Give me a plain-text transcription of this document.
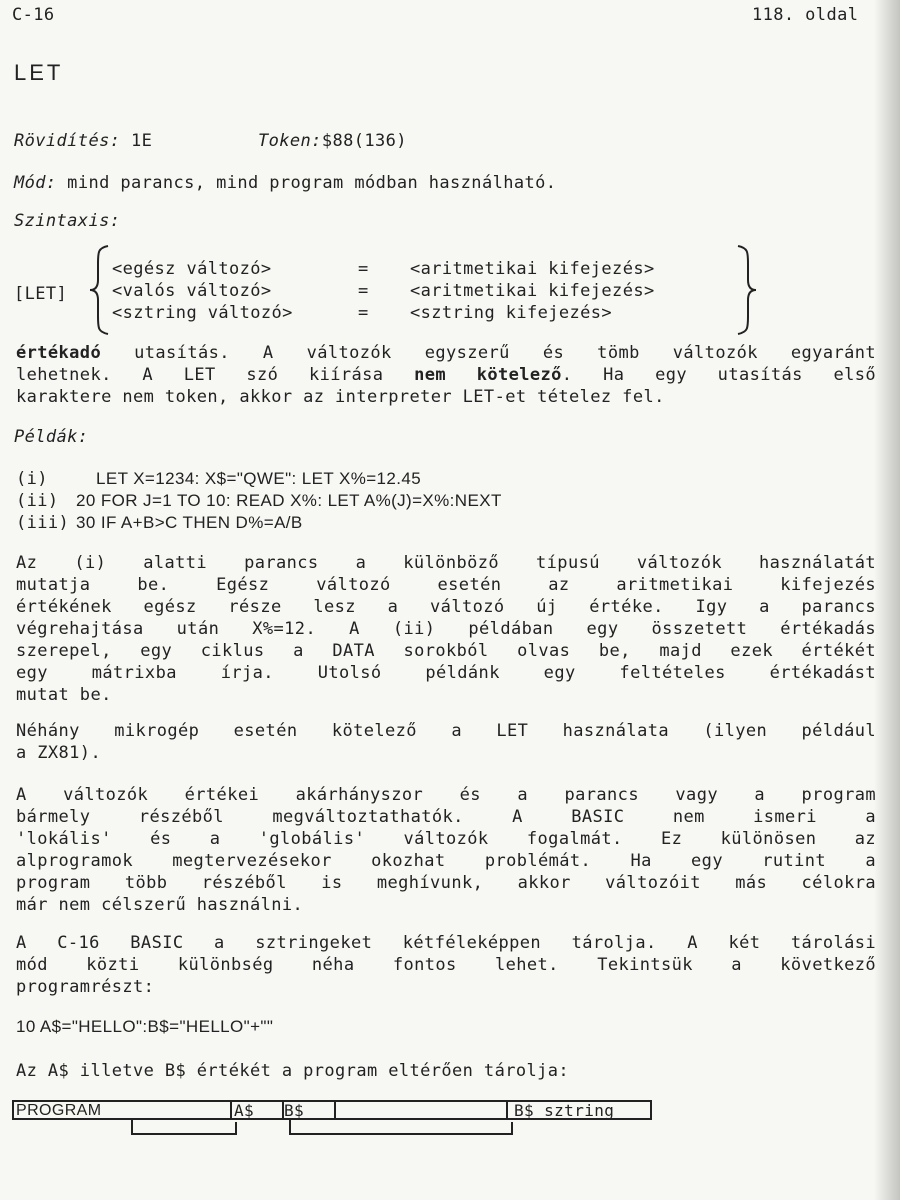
C-16	118. oldal
LET
Rövidítés: 1E	Token:$88(136)
Mód: mind parancs, mind program módban használható.
Szintaxis:
[LET]
<egész változó>	= <aritmetikai kifejezés>
<valós változó>	= <aritmetikai kifejezés>
<sztring változó>	= <sztring kifejezés>
értékadó utasítás. A változók egyszerű és tömb változók egyaránt
lehetnek. A LET szó kiírása nem kötelező. Ha egy utasítás első
karaktere nem token, akkor az interpreter LET-et tételez fel.
Példák:
(i)	LET X=1234: X$="QWE": LET X%=12.45
(ii) 20 FOR J=1 TO 10: READ X%: LET A%(J)=X%:NEXT
(iii) 30 IF A+B>C THEN D%=A/B
Az (i) alatti parancs a különböző típusú változók használatát
mutatja be. Egész változó esetén az aritmetikai kifejezés
értékének egész része lesz a változó új értéke. Igy a parancs
végrehajtása után X%=12. A (ii) példában egy összetett értékadás
szerepel, egy ciklus a DATA sorokból olvas be, majd ezek értékét
egy mátrixba írja. Utolsó példánk egy feltételes értékadást
mutat be.
Néhány mikrogép esetén kötelező a LET használata (ilyen például
a ZX81).
A változók értékei akárhányszor és a parancs vagy a program
bármely részéből megváltoztathatók. A BASIC nem ismeri a
'lokális' és a 'globális' változók fogalmát. Ez különösen az
alprogramok megtervezésekor okozhat problémát. Ha egy rutint a
program több részéből is meghívunk, akkor változóit más célokra
már nem célszerű használni.
A C-16 BASIC a sztringeket kétféleképpen tárolja. A két tárolási
mód közti különbség néha fontos lehet. Tekintsük a következő
programrészt:
10 A$="HELLO":B$="HELLO"+""
Az A$ illetve B$ értékét a program eltérően tárolja:
PROGRAM	A$	B$	B$ sztring
